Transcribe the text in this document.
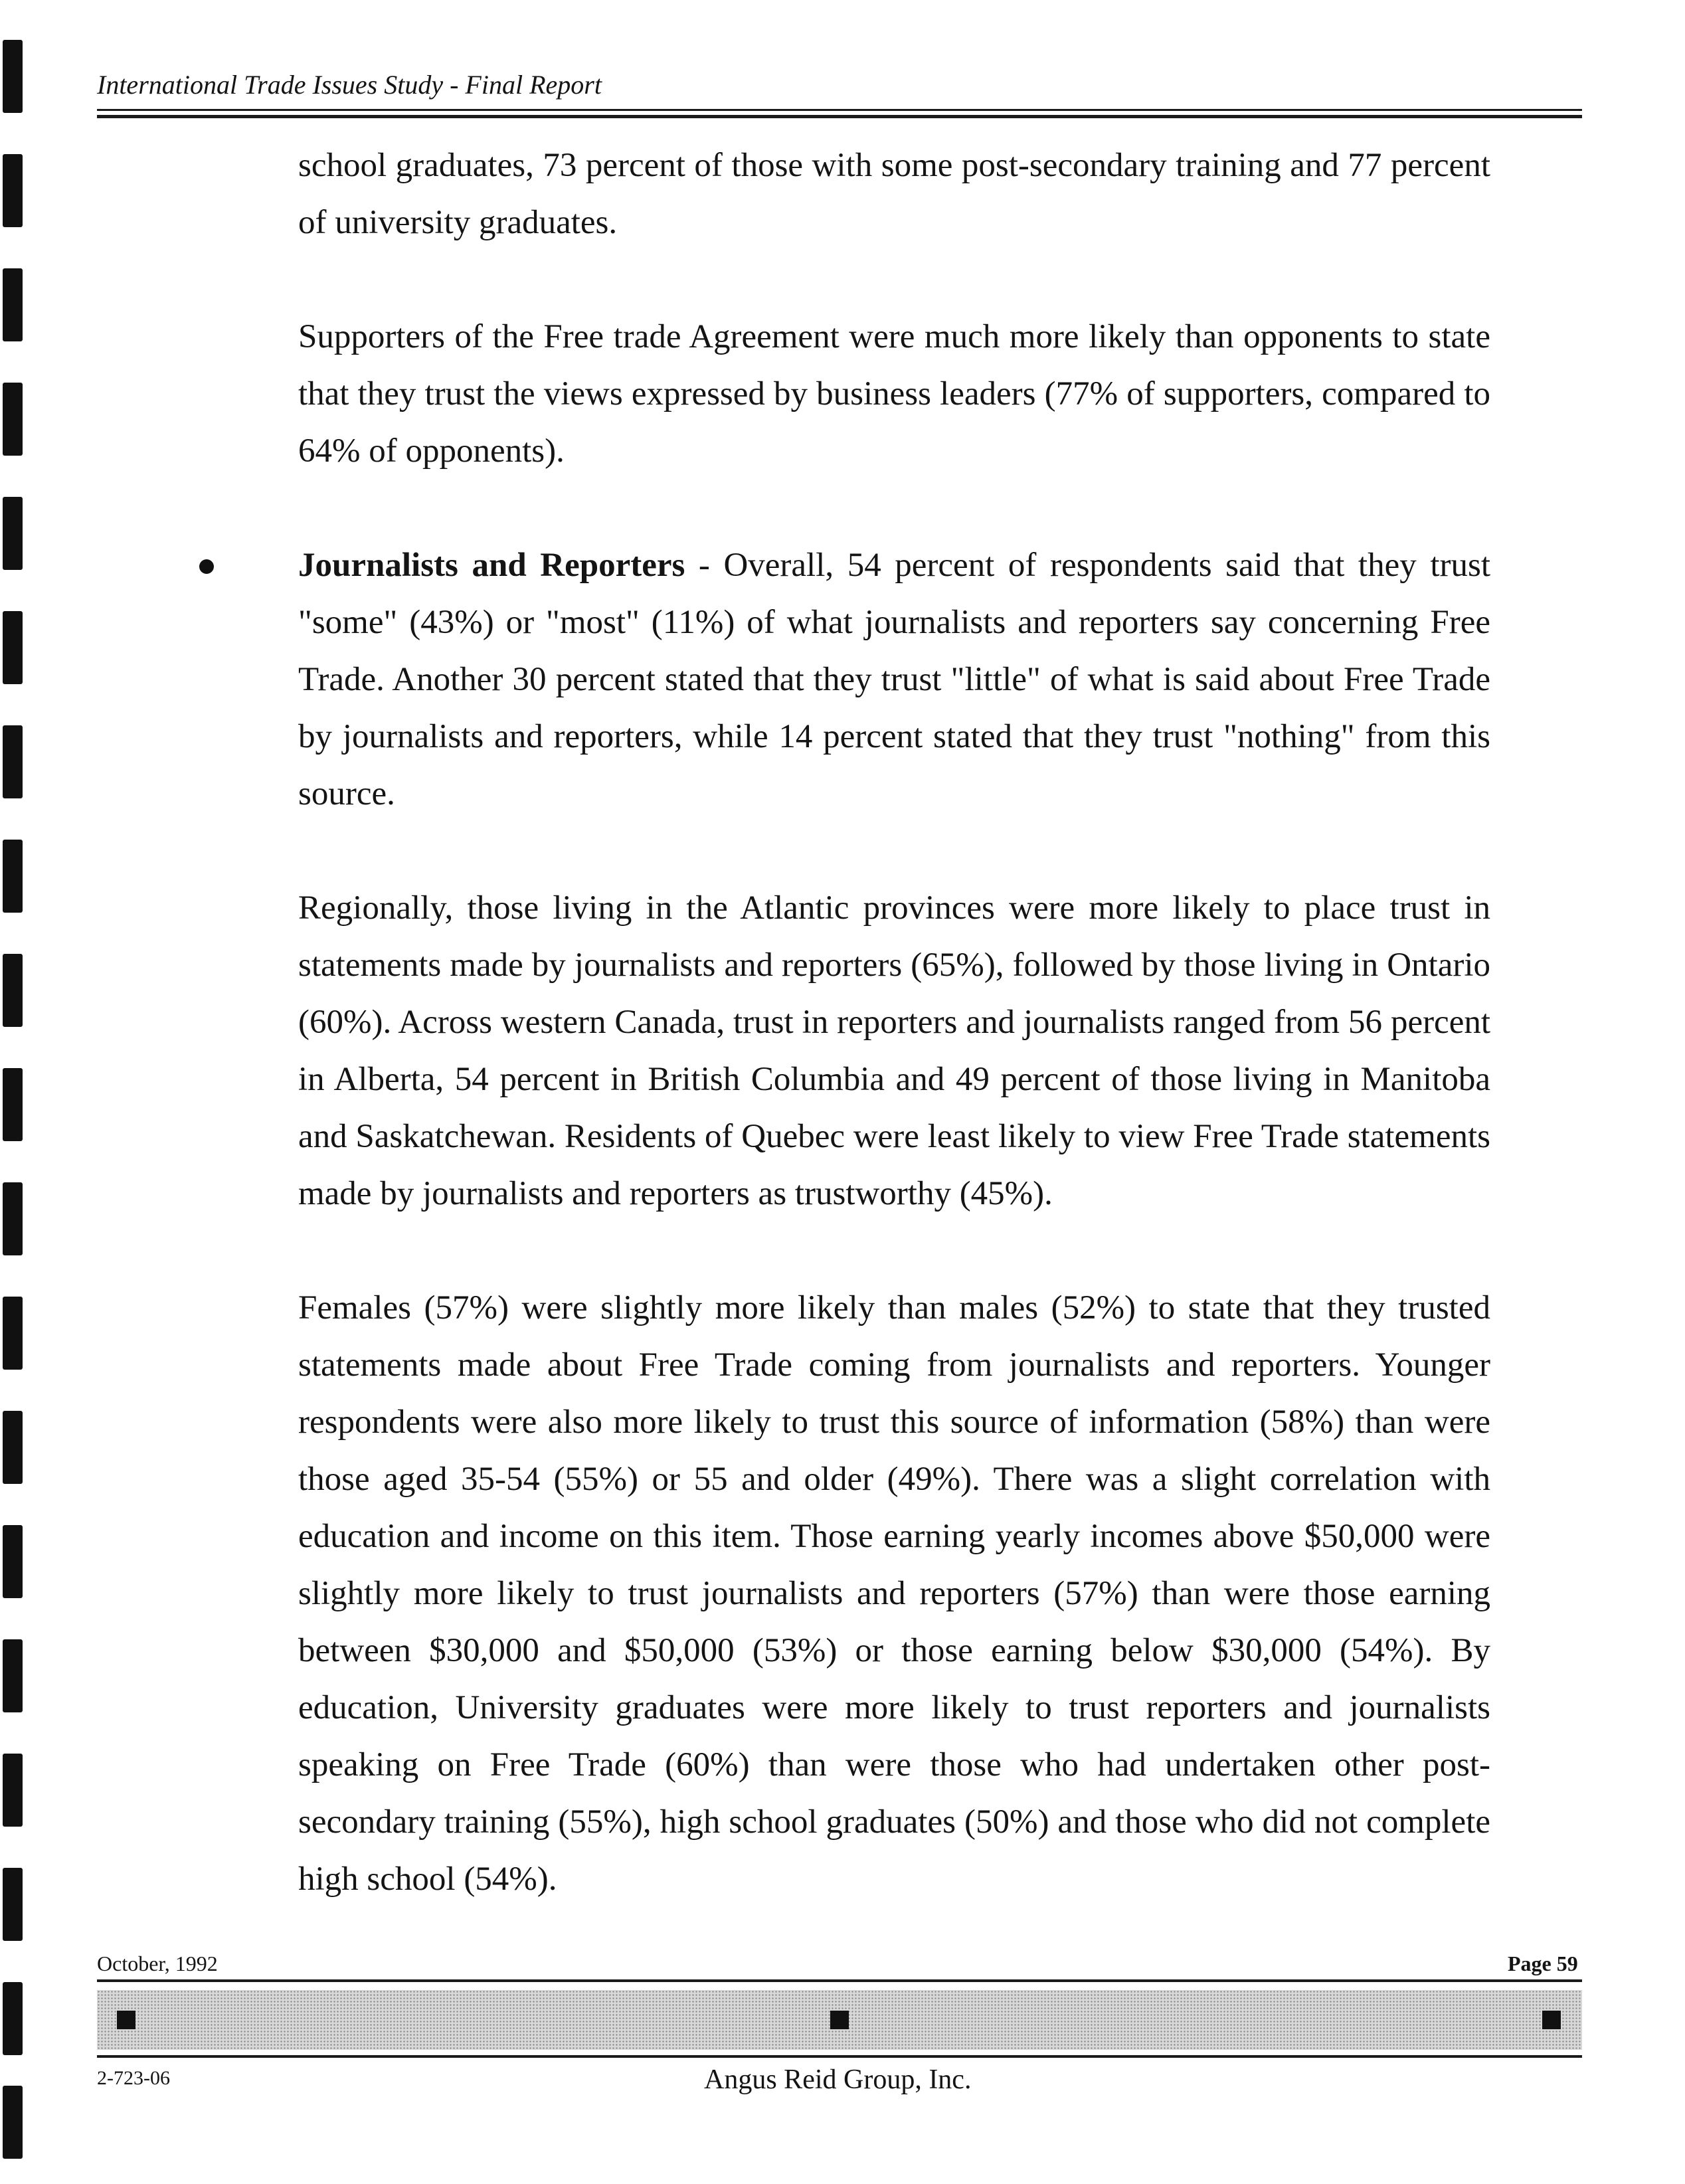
International Trade Issues Study - Final Report

school graduates, 73 percent of those with some post-secondary training and 77 percent of university graduates.

Supporters of the Free trade Agreement were much more likely than opponents to state that they trust the views expressed by business leaders (77% of supporters, compared to 64% of opponents).

Journalists and Reporters - Overall, 54 percent of respondents said that they trust "some" (43%) or "most" (11%) of what journalists and reporters say concerning Free Trade. Another 30 percent stated that they trust "little" of what is said about Free Trade by journalists and reporters, while 14 percent stated that they trust "nothing" from this source.

Regionally, those living in the Atlantic provinces were more likely to place trust in statements made by journalists and reporters (65%), followed by those living in Ontario (60%). Across western Canada, trust in reporters and journalists ranged from 56 percent in Alberta, 54 percent in British Columbia and 49 percent of those living in Manitoba and Saskatchewan. Residents of Quebec were least likely to view Free Trade statements made by journalists and reporters as trustworthy (45%).

Females (57%) were slightly more likely than males (52%) to state that they trusted statements made about Free Trade coming from journalists and reporters. Younger respondents were also more likely to trust this source of information (58%) than were those aged 35-54 (55%) or 55 and older (49%). There was a slight correlation with education and income on this item. Those earning yearly incomes above $50,000 were slightly more likely to trust journalists and reporters (57%) than were those earning between $30,000 and $50,000 (53%) or those earning below $30,000 (54%). By education, University graduates were more likely to trust reporters and journalists speaking on Free Trade (60%) than were those who had undertaken other post-secondary training (55%), high school graduates (50%) and those who did not complete high school (54%).

October, 1992	Page 59
2-723-06	Angus Reid Group, Inc.
